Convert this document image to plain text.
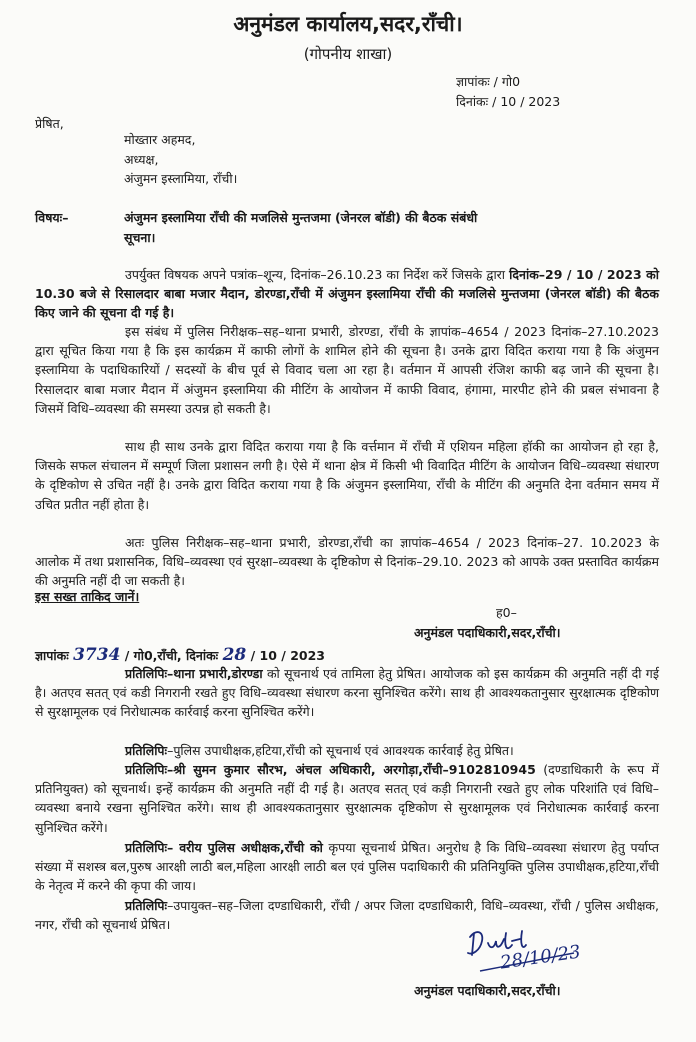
अनुमंडल कार्यालय,सदर,राँची।
(गोपनीय शाखा)
ज्ञापांकः / गो0
दिनांकः / 10 / 2023
प्रेषित,
मोख्तार अहमद,
अध्यक्ष,
अंजुमन इस्लामिया, राँची।
विषयः–	अंजुमन इस्लामिया राँची की मजलिसे मुन्तजमा (जेनरल बॉडी) की बैठक संबंधी
सूचना।
उपर्युक्त विषयक अपने पत्रांक–शून्य, दिनांक–26.10.23 का निर्देश करें जिसके द्वारा दिनांक–29 / 10 / 2023 को 10.30 बजे से रिसालदार बाबा मजार मैदान, डोरण्डा,राँची में अंजुमन इस्लामिया राँची की मजलिसे मुन्तजमा (जेनरल बॉडी) की बैठक किए जाने की सूचना दी गई है।
इस संबंध में पुलिस निरीक्षक–सह–थाना प्रभारी, डोरण्डा, राँची के ज्ञापांक–4654 / 2023 दिनांक–27.10.2023 द्वारा सूचित किया गया है कि इस कार्यक्रम में काफी लोगों के शामिल होने की सूचना है। उनके द्वारा विदित कराया गया है कि अंजुमन इस्लामिया के पदाधिकारियों / सदस्यों के बीच पूर्व से विवाद चला आ रहा है। वर्तमान में आपसी रंजिश काफी बढ़ जाने की सूचना है। रिसालदार बाबा मजार मैदान में अंजुमन इस्लामिया की मीटिंग के आयोजन में काफी विवाद, हंगामा, मारपीट होने की प्रबल संभावना है जिसमें विधि–व्यवस्था की समस्या उत्पन्न हो सकती है।
साथ ही साथ उनके द्वारा विदित कराया गया है कि वर्त्तमान में राँची में एशियन महिला हॉकी का आयोजन हो रहा है, जिसके सफल संचालन में सम्पूर्ण जिला प्रशासन लगी है। ऐसे में थाना क्षेत्र में किसी भी विवादित मीटिंग के आयोजन विधि–व्यवस्था संधारण के दृष्टिकोण से उचित नहीं है। उनके द्वारा विदित कराया गया है कि अंजुमन इस्लामिया, राँची के मीटिंग की अनुमति देना वर्तमान समय में उचित प्रतीत नहीं होता है।
अतः पुलिस निरीक्षक–सह–थाना प्रभारी, डोरण्डा,राँची का ज्ञापांक–4654 / 2023 दिनांक–27. 10.2023 के आलोक में तथा प्रशासनिक, विधि–व्यवस्था एवं सुरक्षा–व्यवस्था के दृष्टिकोण से दिनांक–29.10. 2023 को आपके उक्त प्रस्तावित कार्यक्रम की अनुमति नहीं दी जा सकती है।
इस सख्त ताकिद जानें।
ह0–
अनुमंडल पदाधिकारी,सदर,राँची।
ज्ञापांकः 3734 / गो0,राँची, दिनांकः 28 / 10 / 2023
प्रतिलिपिः–थाना प्रभारी,डोरण्डा को सूचनार्थ एवं तामिला हेतु प्रेषित। आयोजक को इस कार्यक्रम की अनुमति नहीं दी गई है। अतएव सतत् एवं कडी निगरानी रखते हुए विधि–व्यवस्था संधारण करना सुनिश्चित करेंगे। साथ ही आवश्यकतानुसार सुरक्षात्मक दृष्टिकोण से सुरक्षामूलक एवं निरोधात्मक कार्रवाई करना सुनिश्चित करेंगे।
प्रतिलिपिः–पुलिस उपाधीक्षक,हटिया,राँची को सूचनार्थ एवं आवश्यक कार्रवाई हेतु प्रेषित।
प्रतिलिपिः–श्री सुमन कुमार सौरभ, अंचल अधिकारी, अरगोड़ा,राँची–9102810945 (दण्डाधिकारी के रूप में प्रतिनियुक्त) को सूचनार्थ। इन्हें कार्यक्रम की अनुमति नहीं दी गई है। अतएव सतत् एवं कड़ी निगरानी रखते हुए लोक परिशांति एवं विधि–व्यवस्था बनाये रखना सुनिश्चित करेंगे। साथ ही आवश्यकतानुसार सुरक्षात्मक दृष्टिकोण से सुरक्षामूलक एवं निरोधात्मक कार्रवाई करना सुनिश्चित करेंगे।
प्रतिलिपिः– वरीय पुलिस अधीक्षक,राँची को कृपया सूचनार्थ प्रेषित। अनुरोध है कि विधि–व्यवस्था संधारण हेतु पर्याप्त संख्या में सशस्त्र बल,पुरुष आरक्षी लाठी बल,महिला आरक्षी लाठी बल एवं पुलिस पदाधिकारी की प्रतिनियुक्ति पुलिस उपाधीक्षक,हटिया,राँची के नेतृत्व में करने की कृपा की जाय।
प्रतिलिपिः–उपायुक्त–सह–जिला दण्डाधिकारी, राँची / अपर जिला दण्डाधिकारी, विधि–व्यवस्था, राँची / पुलिस अधीक्षक, नगर, राँची को सूचनार्थ प्रेषित।
28/10/23
अनुमंडल पदाधिकारी,सदर,राँची।
